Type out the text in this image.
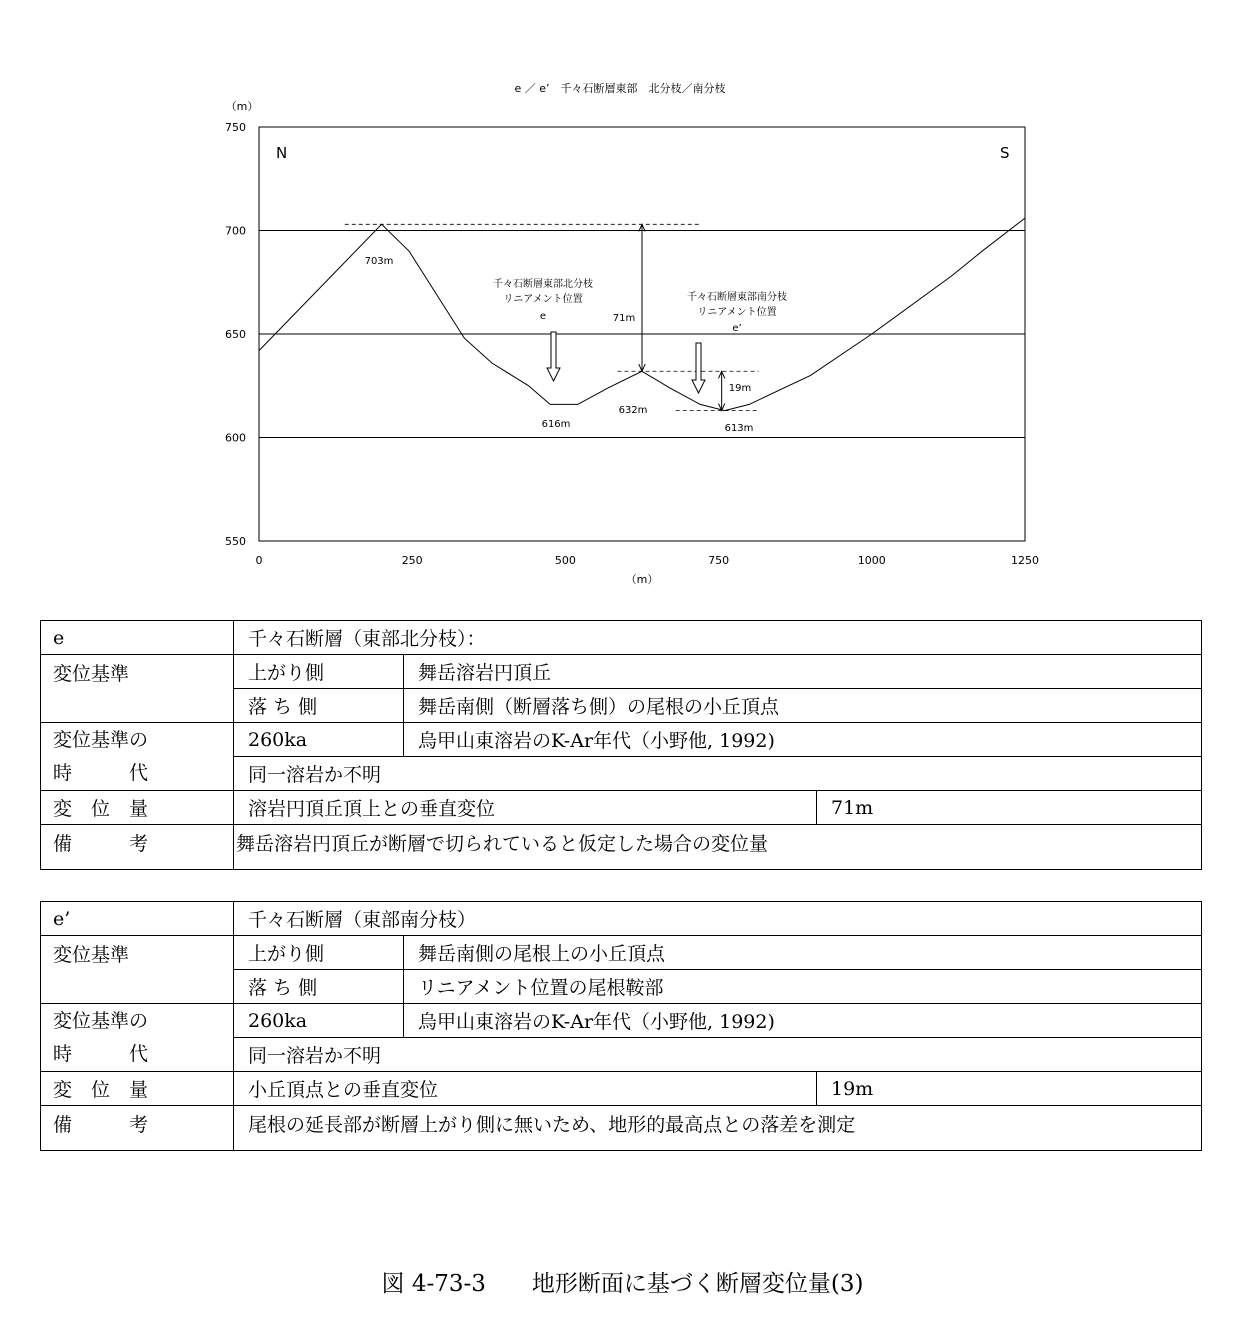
e ／ e’　千々石断層東部　北分枝／南分枝
（m）
（m）
750
700
650
600
550
0	250	500	750	1000	1250
N	S
703m
616m
632m
613m
71m
19m
千々石断層東部北分枝
リニアメント位置
e
千々石断層東部南分枝
リニアメント位置
e’
e	千々石断層（東部北分枝）：		
変位基準	上がり側	舞岳溶岩円頂丘	
	落 ち 側	舞岳南側（断層落ち側）の尾根の小丘頂点	
変位基準の
時　　　代	260ka	烏甲山東溶岩のK-Ar年代（小野他, 1992)	
	同一溶岩か不明		
変　位　量	溶岩円頂丘頂上との垂直変位		71m
備　　　考	舞岳溶岩円頂丘が断層で切られていると仮定した場合の変位量		
e’	千々石断層（東部南分枝）		
変位基準	上がり側	舞岳南側の尾根上の小丘頂点	
	落 ち 側	リニアメント位置の尾根鞍部	
変位基準の
時　　　代	260ka	烏甲山東溶岩のK-Ar年代（小野他, 1992)	
	同一溶岩か不明		
変　位　量	小丘頂点との垂直変位		19m
備　　　考	尾根の延長部が断層上がり側に無いため、地形的最高点との落差を測定		
図 4-73-3　　地形断面に基づく断層変位量(3)
